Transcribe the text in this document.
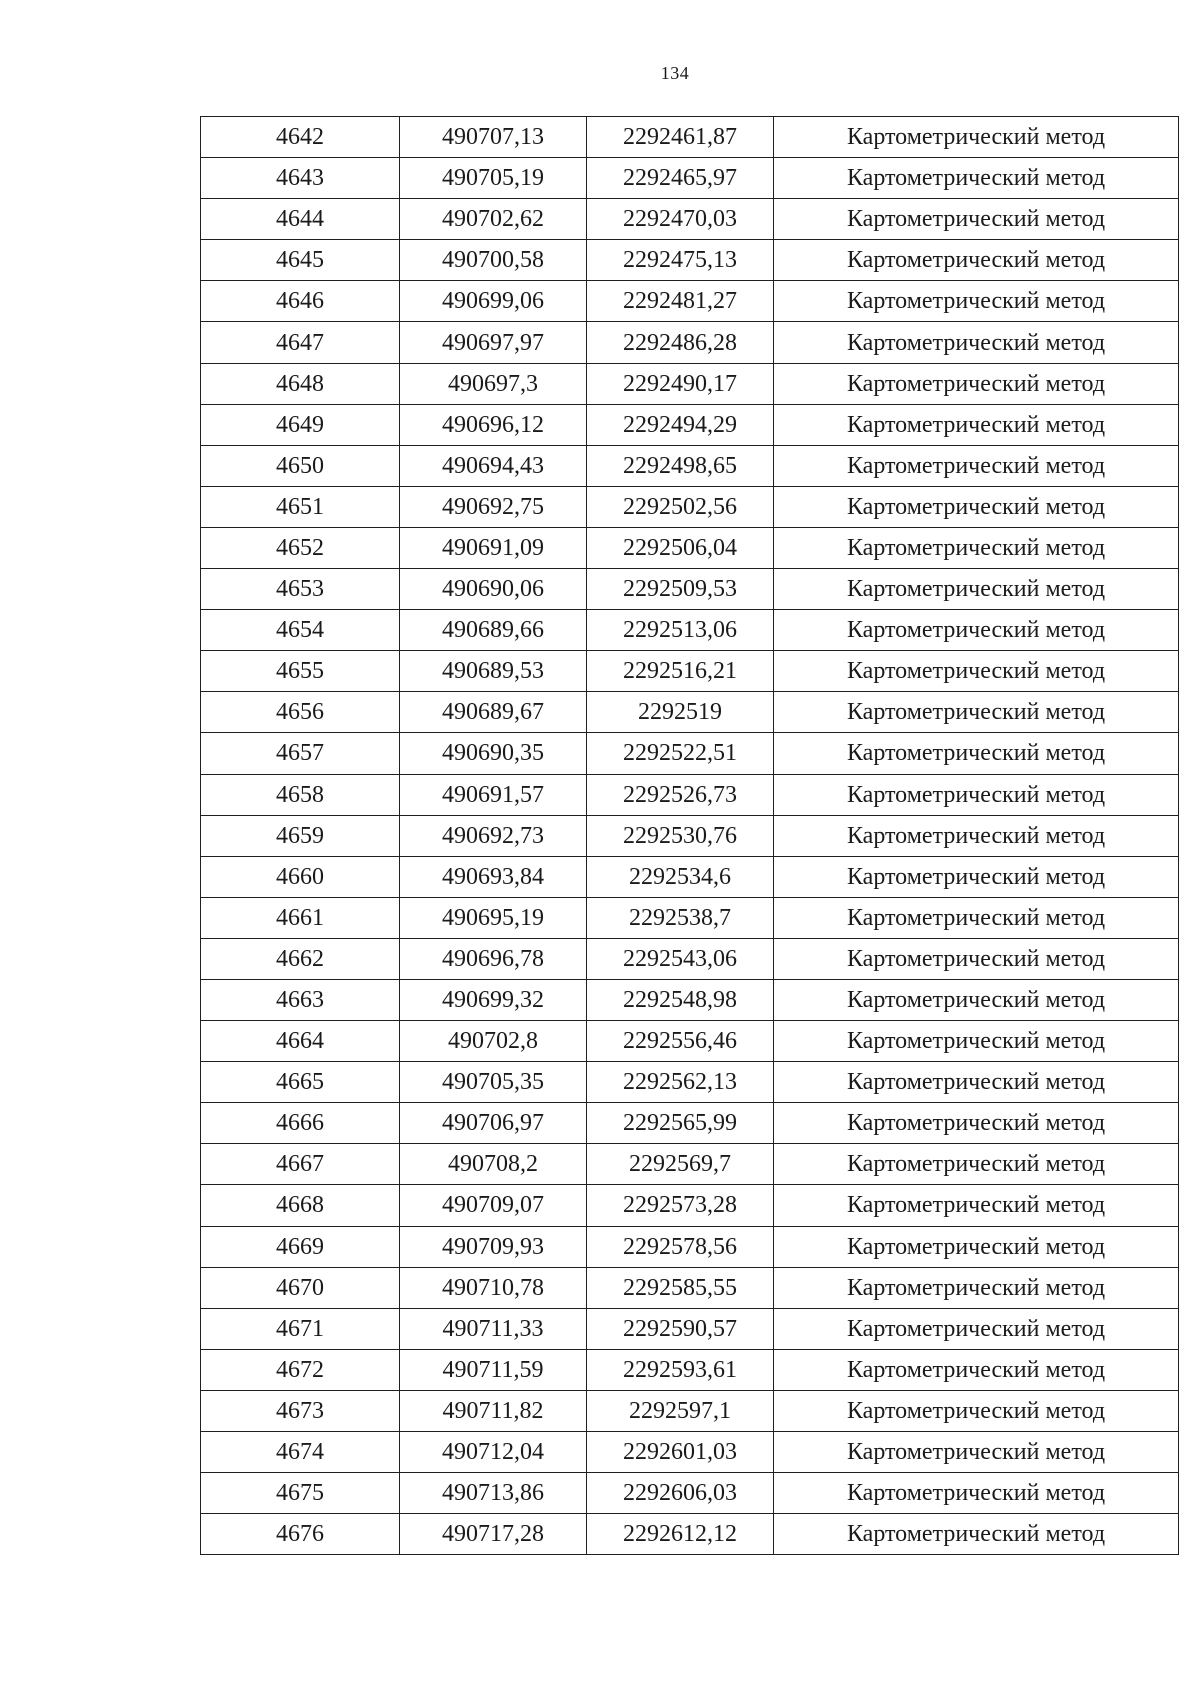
134
4642	490707,13	2292461,87	Картометрический метод
4643	490705,19	2292465,97	Картометрический метод
4644	490702,62	2292470,03	Картометрический метод
4645	490700,58	2292475,13	Картометрический метод
4646	490699,06	2292481,27	Картометрический метод
4647	490697,97	2292486,28	Картометрический метод
4648	490697,3	2292490,17	Картометрический метод
4649	490696,12	2292494,29	Картометрический метод
4650	490694,43	2292498,65	Картометрический метод
4651	490692,75	2292502,56	Картометрический метод
4652	490691,09	2292506,04	Картометрический метод
4653	490690,06	2292509,53	Картометрический метод
4654	490689,66	2292513,06	Картометрический метод
4655	490689,53	2292516,21	Картометрический метод
4656	490689,67	2292519	Картометрический метод
4657	490690,35	2292522,51	Картометрический метод
4658	490691,57	2292526,73	Картометрический метод
4659	490692,73	2292530,76	Картометрический метод
4660	490693,84	2292534,6	Картометрический метод
4661	490695,19	2292538,7	Картометрический метод
4662	490696,78	2292543,06	Картометрический метод
4663	490699,32	2292548,98	Картометрический метод
4664	490702,8	2292556,46	Картометрический метод
4665	490705,35	2292562,13	Картометрический метод
4666	490706,97	2292565,99	Картометрический метод
4667	490708,2	2292569,7	Картометрический метод
4668	490709,07	2292573,28	Картометрический метод
4669	490709,93	2292578,56	Картометрический метод
4670	490710,78	2292585,55	Картометрический метод
4671	490711,33	2292590,57	Картометрический метод
4672	490711,59	2292593,61	Картометрический метод
4673	490711,82	2292597,1	Картометрический метод
4674	490712,04	2292601,03	Картометрический метод
4675	490713,86	2292606,03	Картометрический метод
4676	490717,28	2292612,12	Картометрический метод
